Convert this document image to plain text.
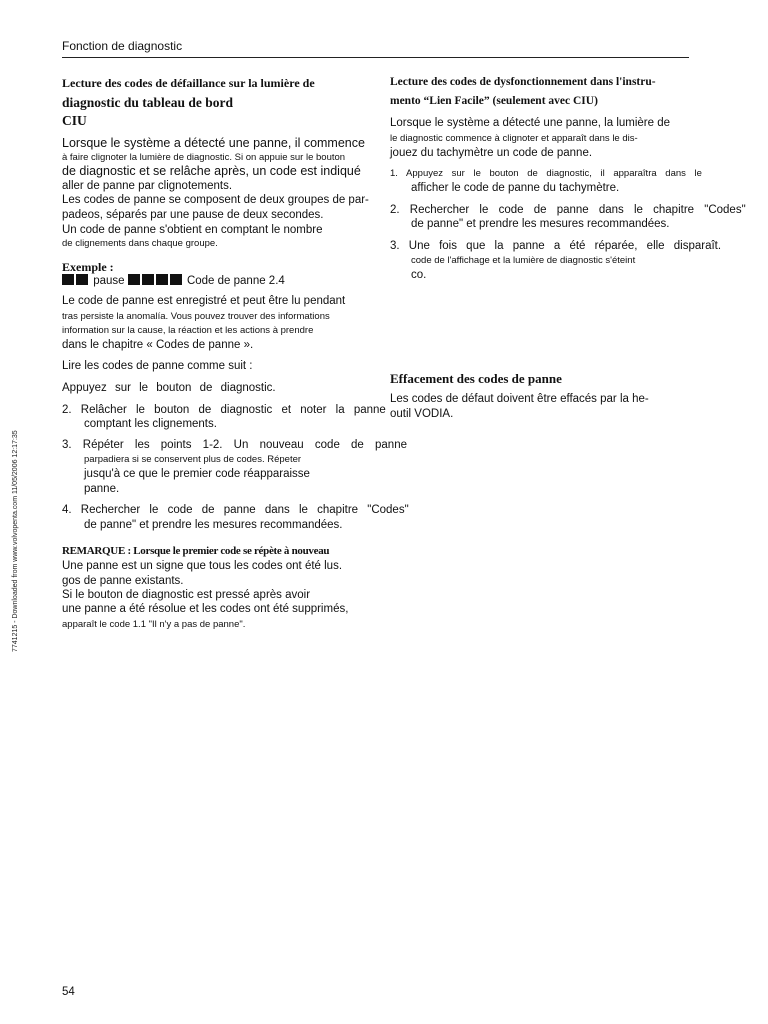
Fonction de diagnostic
7741215 - Downloaded from www.volvopenta.com 11/05/2006 12:17:35
Lecture des codes de défaillance sur la lumière de
diagnostic du tableau de bord
CIU
Lorsque le système a détecté une panne, il commence
à faire clignoter la lumière de diagnostic. Si on appuie sur le bouton
de diagnostic et se relâche après, un code est indiqué
aller de panne par clignotements.
Les codes de panne se composent de deux groupes de par-
padeos, séparés par une pause de deux secondes.
Un code de panne s'obtient en comptant le nombre
de clignements dans chaque groupe.
Exemple :
pause	Code de panne 2.4
Le code de panne est enregistré et peut être lu pendant
tras persiste la anomalía. Vous pouvez trouver des informations
information sur la cause, la réaction et les actions à prendre
dans le chapitre « Codes de panne ».
Lire les codes de panne comme suit :
Appuyez sur le bouton de diagnostic.
2. Relâcher le bouton de diagnostic et noter la panne
comptant les clignements.
3. Répéter les points 1-2. Un nouveau code de panne
parpadiera si se conservent plus de codes. Répeter
jusqu'à ce que le premier code réapparaisse
panne.
4. Rechercher le code de panne dans le chapitre "Codes"
de panne" et prendre les mesures recommandées.
REMARQUE : Lorsque le premier code se répète à nouveau
Une panne est un signe que tous les codes ont été lus.
gos de panne existants.
Si le bouton de diagnostic est pressé après avoir
une panne a été résolue et les codes ont été supprimés,
apparaît le code 1.1 "Il n'y a pas de panne".
Lecture des codes de dysfonctionnement dans l'instru-
mento “Lien Facile” (seulement avec CIU)
Lorsque le système a détecté une panne, la lumière de
le diagnostic commence à clignoter et apparaît dans le dis-
jouez du tachymètre un code de panne.
1. Appuyez sur le bouton de diagnostic, il apparaîtra dans le
afficher le code de panne du tachymètre.
2. Rechercher le code de panne dans le chapitre "Codes"
de panne" et prendre les mesures recommandées.
3. Une fois que la panne a été réparée, elle disparaît.
code de l'affichage et la lumière de diagnostic s'éteint
co.
Effacement des codes de panne
Les codes de défaut doivent être effacés par la he-
outil VODIA.
54
